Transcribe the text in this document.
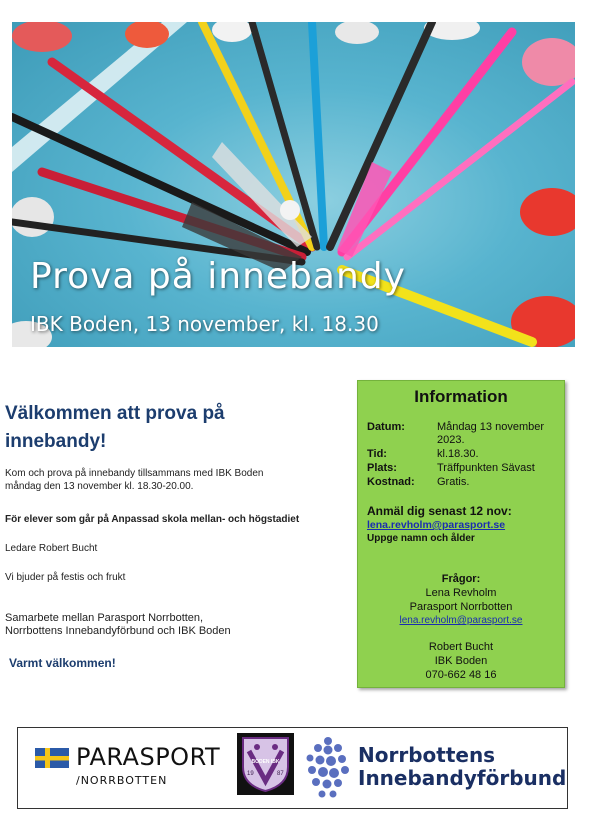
Prova på innebandy
IBK Boden, 13 november, kl. 18.30
Välkommen att prova på
innebandy!
Kom och prova på innebandy tillsammans med IBK Boden
måndag den 13 november kl. 18.30-20.00.
För elever som går på Anpassad skola mellan- och högstadiet
Ledare Robert Bucht
Vi bjuder på festis och frukt
Samarbete mellan Parasport Norrbotten,
Norrbottens Innebandyförbund och IBK Boden
Varmt välkommen!
Information
Datum:	Måndag 13 november
2023.
Tid:	kl.18.30.
Plats:	Träffpunkten Sävast
Kostnad: Gratis.
Anmäl dig senast 12 nov:
lena.revholm@parasport.se
Uppge namn och ålder
Frågor:
Lena Revholm
Parasport Norrbotten
lena.revholm@parasport.se
Robert Bucht
IBK Boden
070-662 48 16
PARASPORT
/NORRBOTTEN
BODEN IBK
19	87
Norrbottens
Innebandyförbund
